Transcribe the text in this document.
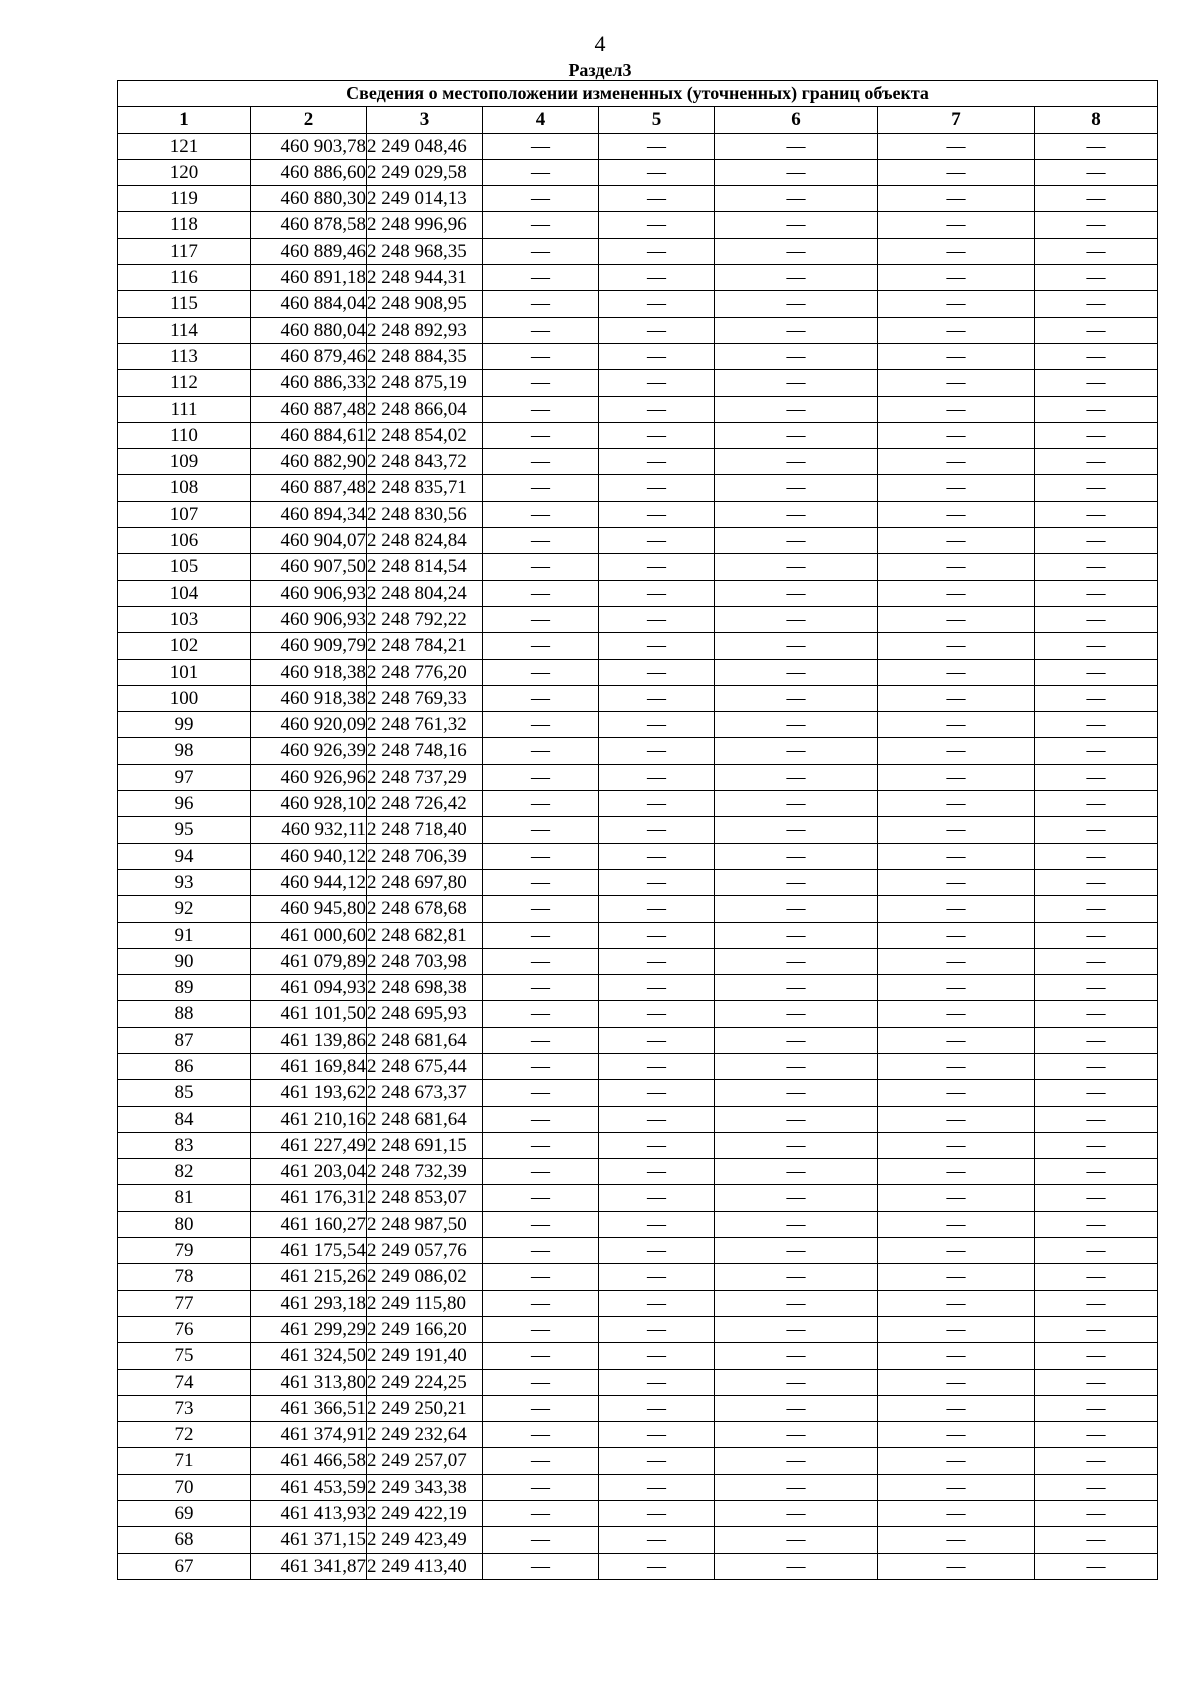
4
Раздел3
Сведения о местоположении измененных (уточненных) границ объекта							
1	2	3	4	5	6	7	8
121	460 903,78	2 249 048,46	—	—	—	—	—
120	460 886,60	2 249 029,58	—	—	—	—	—
119	460 880,30	2 249 014,13	—	—	—	—	—
118	460 878,58	2 248 996,96	—	—	—	—	—
117	460 889,46	2 248 968,35	—	—	—	—	—
116	460 891,18	2 248 944,31	—	—	—	—	—
115	460 884,04	2 248 908,95	—	—	—	—	—
114	460 880,04	2 248 892,93	—	—	—	—	—
113	460 879,46	2 248 884,35	—	—	—	—	—
112	460 886,33	2 248 875,19	—	—	—	—	—
111	460 887,48	2 248 866,04	—	—	—	—	—
110	460 884,61	2 248 854,02	—	—	—	—	—
109	460 882,90	2 248 843,72	—	—	—	—	—
108	460 887,48	2 248 835,71	—	—	—	—	—
107	460 894,34	2 248 830,56	—	—	—	—	—
106	460 904,07	2 248 824,84	—	—	—	—	—
105	460 907,50	2 248 814,54	—	—	—	—	—
104	460 906,93	2 248 804,24	—	—	—	—	—
103	460 906,93	2 248 792,22	—	—	—	—	—
102	460 909,79	2 248 784,21	—	—	—	—	—
101	460 918,38	2 248 776,20	—	—	—	—	—
100	460 918,38	2 248 769,33	—	—	—	—	—
99	460 920,09	2 248 761,32	—	—	—	—	—
98	460 926,39	2 248 748,16	—	—	—	—	—
97	460 926,96	2 248 737,29	—	—	—	—	—
96	460 928,10	2 248 726,42	—	—	—	—	—
95	460 932,11	2 248 718,40	—	—	—	—	—
94	460 940,12	2 248 706,39	—	—	—	—	—
93	460 944,12	2 248 697,80	—	—	—	—	—
92	460 945,80	2 248 678,68	—	—	—	—	—
91	461 000,60	2 248 682,81	—	—	—	—	—
90	461 079,89	2 248 703,98	—	—	—	—	—
89	461 094,93	2 248 698,38	—	—	—	—	—
88	461 101,50	2 248 695,93	—	—	—	—	—
87	461 139,86	2 248 681,64	—	—	—	—	—
86	461 169,84	2 248 675,44	—	—	—	—	—
85	461 193,62	2 248 673,37	—	—	—	—	—
84	461 210,16	2 248 681,64	—	—	—	—	—
83	461 227,49	2 248 691,15	—	—	—	—	—
82	461 203,04	2 248 732,39	—	—	—	—	—
81	461 176,31	2 248 853,07	—	—	—	—	—
80	461 160,27	2 248 987,50	—	—	—	—	—
79	461 175,54	2 249 057,76	—	—	—	—	—
78	461 215,26	2 249 086,02	—	—	—	—	—
77	461 293,18	2 249 115,80	—	—	—	—	—
76	461 299,29	2 249 166,20	—	—	—	—	—
75	461 324,50	2 249 191,40	—	—	—	—	—
74	461 313,80	2 249 224,25	—	—	—	—	—
73	461 366,51	2 249 250,21	—	—	—	—	—
72	461 374,91	2 249 232,64	—	—	—	—	—
71	461 466,58	2 249 257,07	—	—	—	—	—
70	461 453,59	2 249 343,38	—	—	—	—	—
69	461 413,93	2 249 422,19	—	—	—	—	—
68	461 371,15	2 249 423,49	—	—	—	—	—
67	461 341,87	2 249 413,40	—	—	—	—	—
